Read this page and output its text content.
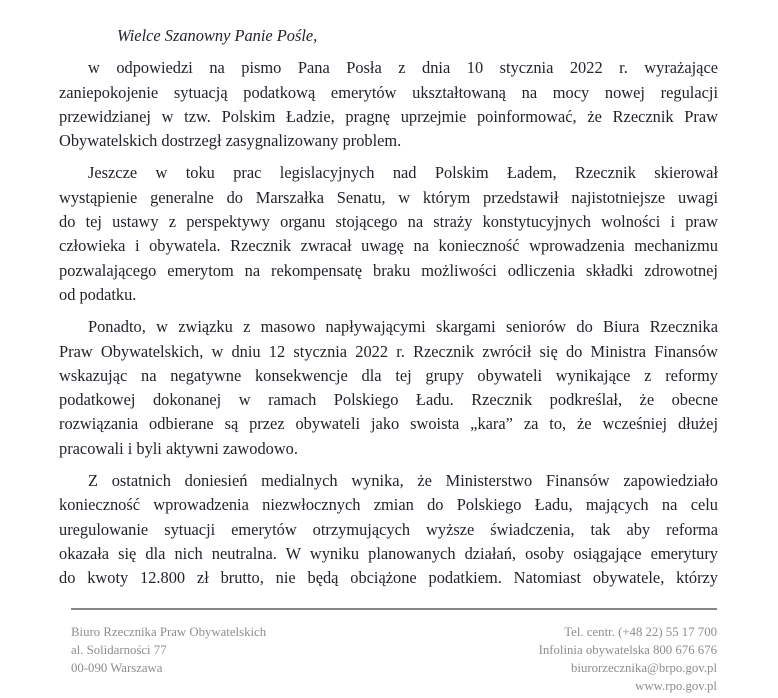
Wielce Szanowny Panie Pośle,
w odpowiedzi na pismo Pana Posła z dnia 10 stycznia 2022 r. wyrażające
zaniepokojenie sytuacją podatkową emerytów ukształtowaną na mocy nowej regulacji
przewidzianej w tzw. Polskim Ładzie, pragnę uprzejmie poinformować, że Rzecznik Praw
Obywatelskich dostrzegł zasygnalizowany problem.
Jeszcze w toku prac legislacyjnych nad Polskim Ładem, Rzecznik skierował
wystąpienie generalne do Marszałka Senatu, w którym przedstawił najistotniejsze uwagi
do tej ustawy z perspektywy organu stojącego na straży konstytucyjnych wolności i praw
człowieka i obywatela. Rzecznik zwracał uwagę na konieczność wprowadzenia mechanizmu
pozwalającego emerytom na rekompensatę braku możliwości odliczenia składki zdrowotnej
od podatku.
Ponadto, w związku z masowo napływającymi skargami seniorów do Biura Rzecznika
Praw Obywatelskich, w dniu 12 stycznia 2022 r. Rzecznik zwrócił się do Ministra Finansów
wskazując na negatywne konsekwencje dla tej grupy obywateli wynikające z reformy
podatkowej dokonanej w ramach Polskiego Ładu. Rzecznik podkreślał, że obecne
rozwiązania odbierane są przez obywateli jako swoista „kara” za to, że wcześniej dłużej
pracowali i byli aktywni zawodowo.
Z ostatnich doniesień medialnych wynika, że Ministerstwo Finansów zapowiedziało
konieczność wprowadzenia niezwłocznych zmian do Polskiego Ładu, mających na celu
uregulowanie sytuacji emerytów otrzymujących wyższe świadczenia, tak aby reforma
okazała się dla nich neutralna. W wyniku planowanych działań, osoby osiągające emerytury
do kwoty 12.800 zł brutto, nie będą obciążone podatkiem. Natomiast obywatele, którzy
Biuro Rzecznika Praw Obywatelskich
al. Solidarności 77
00-090 Warszawa
Tel. centr. (+48 22) 55 17 700
Infolinia obywatelska 800 676 676
biurorzecznika@brpo.gov.pl
www.rpo.gov.pl
